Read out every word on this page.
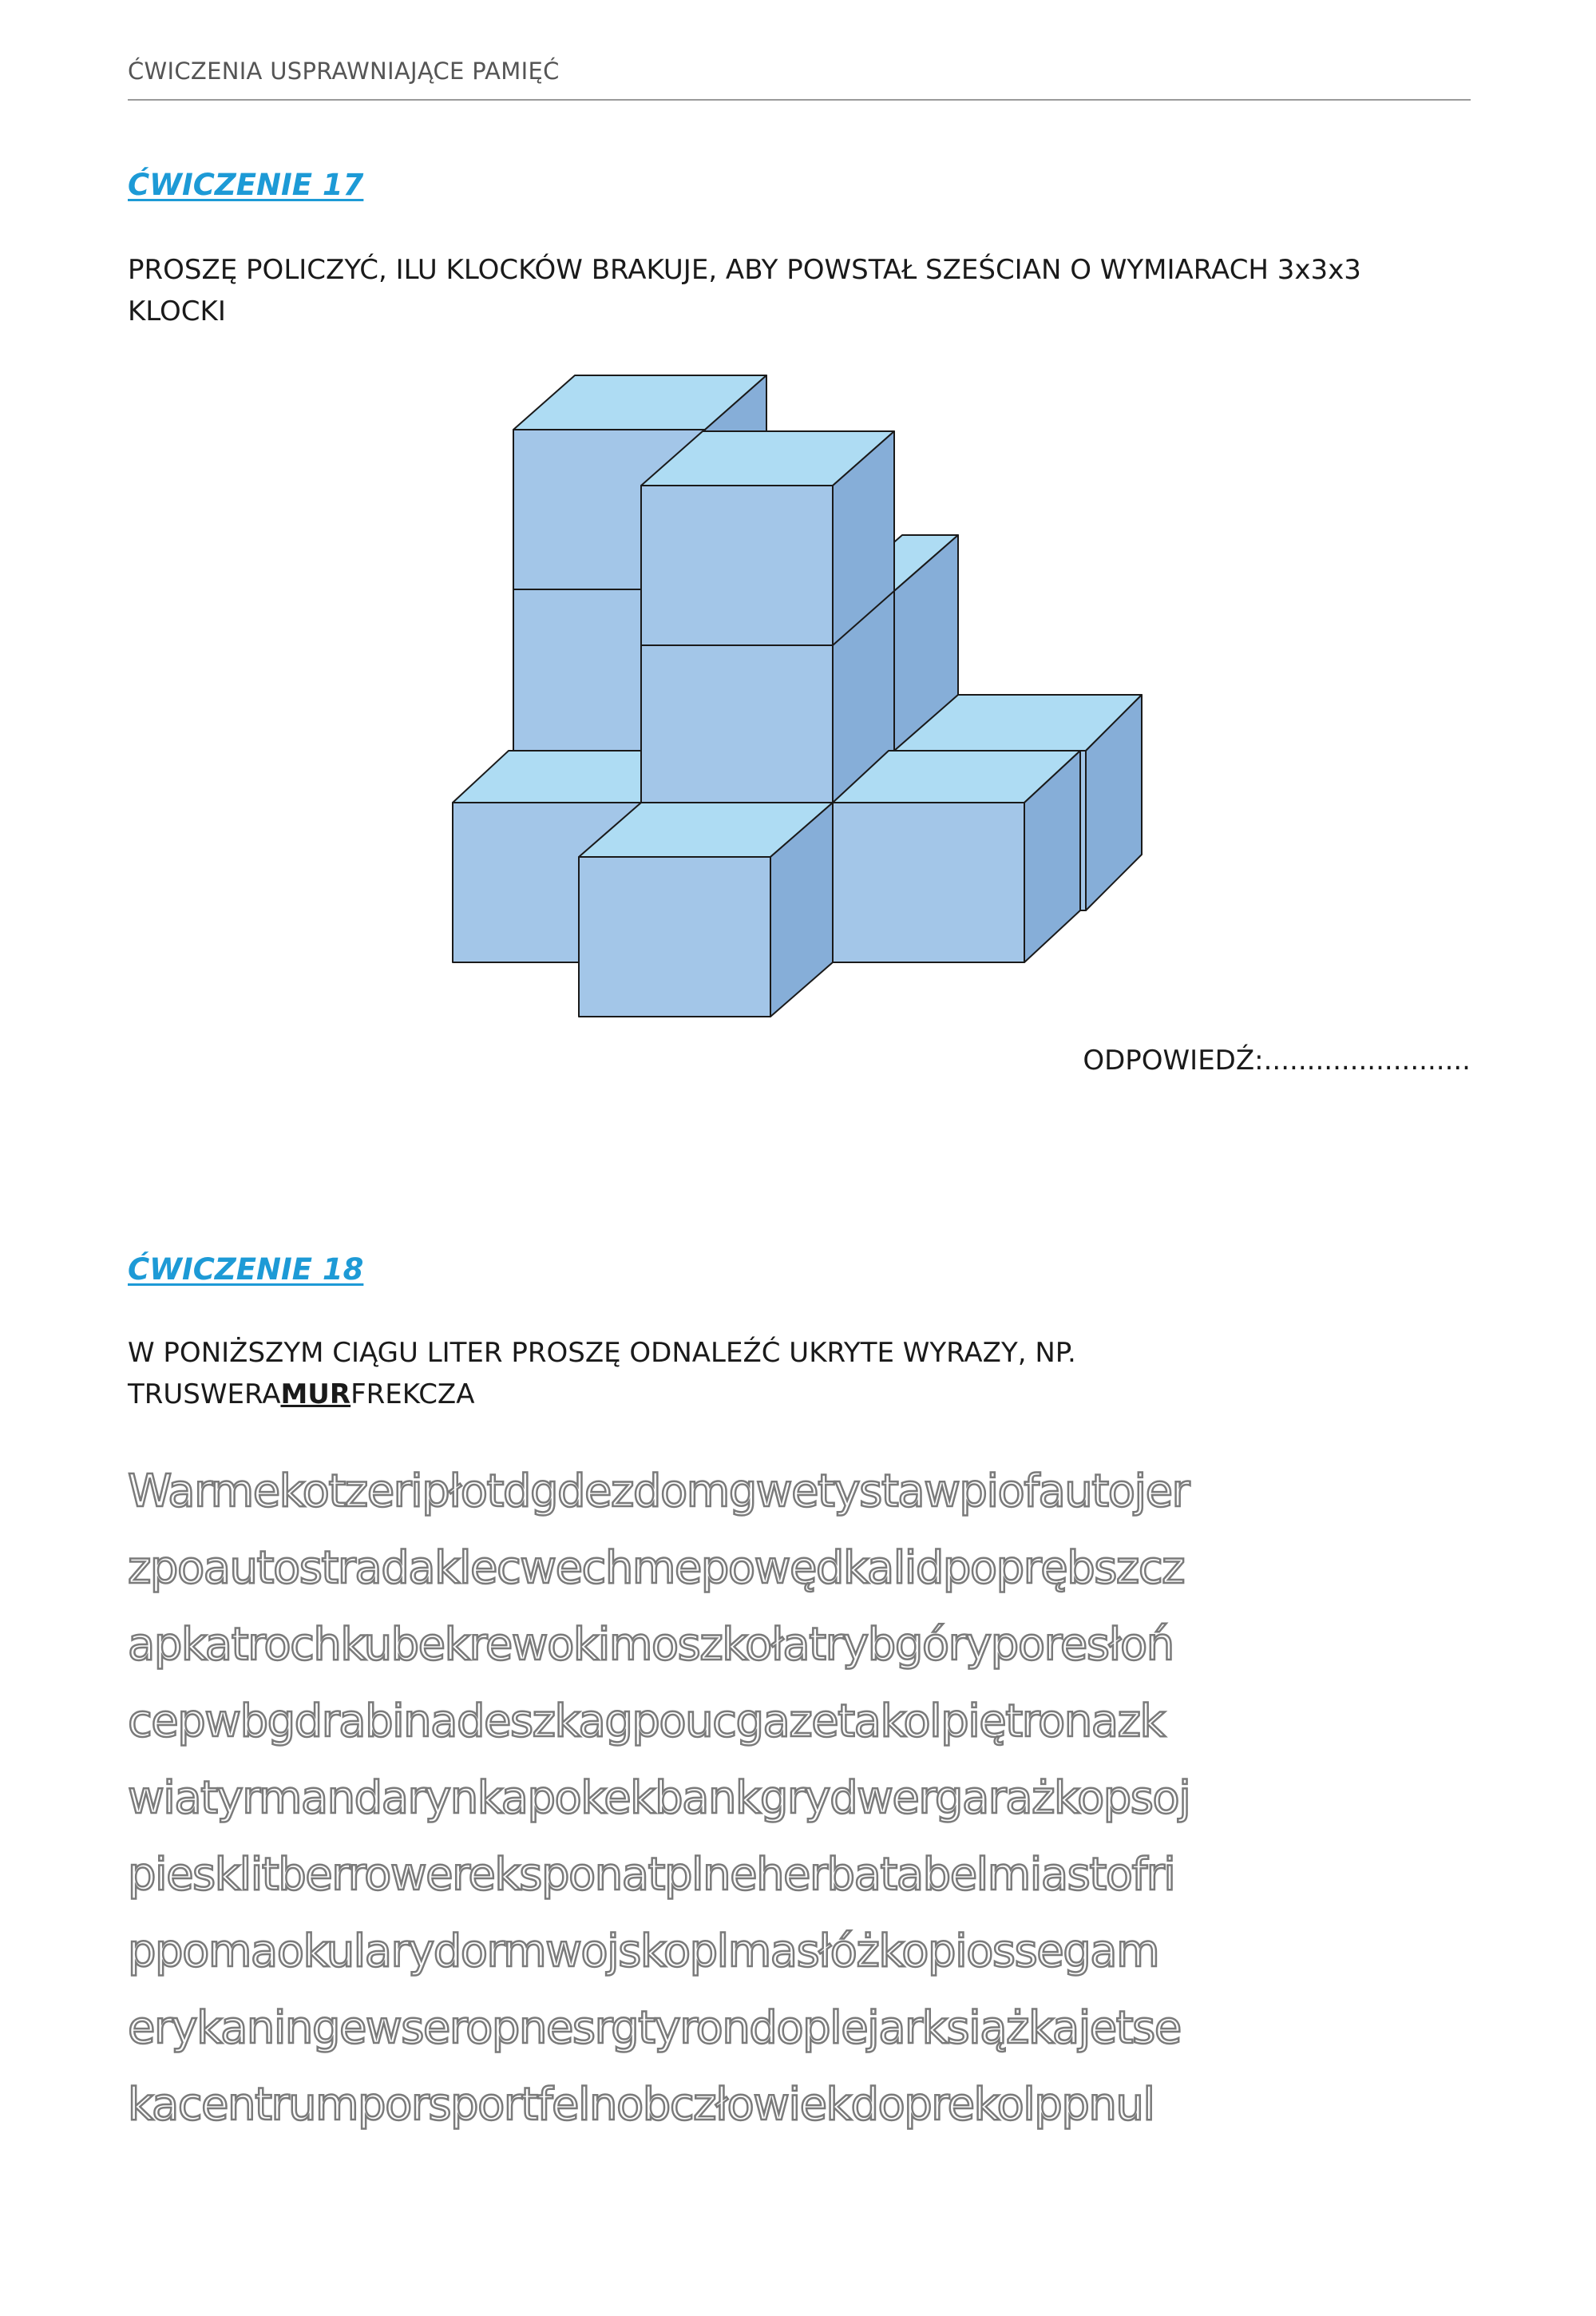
ĆWICZENIA USPRAWNIAJĄCE PAMIĘĆ
ĆWICZENIE 17
PROSZĘ POLICZYĆ, ILU KLOCKÓW BRAKUJE, ABY POWSTAŁ SZEŚCIAN O WYMIARACH 3x3x3
KLOCKI
ODPOWIEDŹ:........................
ĆWICZENIE 18
W PONIŻSZYM CIĄGU LITER PROSZĘ ODNALEŹĆ UKRYTE WYRAZY, NP.
TRUSWERAMURFREKCZA
Warmekotzeripłotdgdezdomgwetystawpiofautojer
zpoautostradaklecwechmepowędkalidpoprębszcz
apkatrochkubekrewokimoszkołatrybgóryporesłoń
cepwbgdrabinadeszkagpoucgazetakolpiętronazk
wiatyrmandarynkapokekbankgrydwergarażkopsoj
piesklitberrowereksponatplneherbatabelmiastofri
ppomaokularydormwojskoplmasłóżkopiossegam
erykaningewseropnesrgtyrondoplejarksiążkajetse
kacentrumporsportfelnobczłowiekdoprekolppnul
